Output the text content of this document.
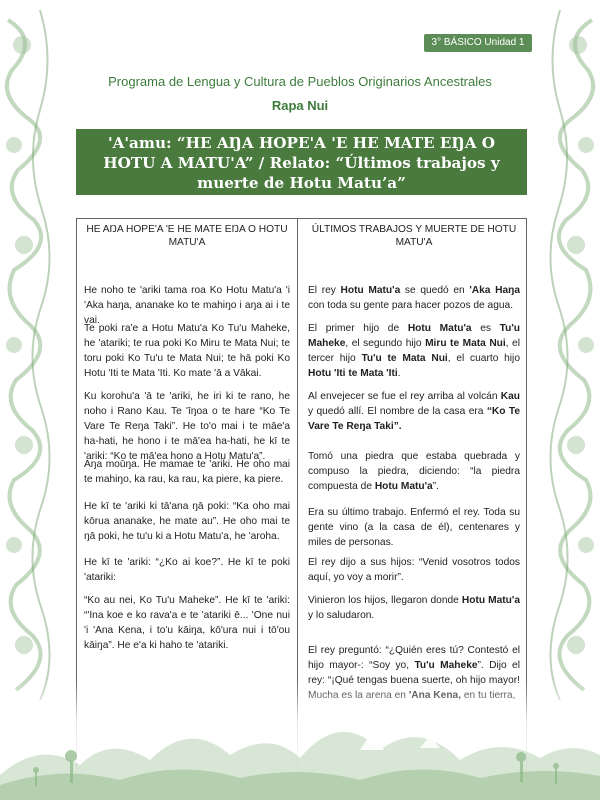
3° BÁSICO Unidad 1
Programa de Lengua y Cultura de Pueblos Originarios Ancestrales
Rapa Nui
'A'amu: “HE AŊA HOPE'A 'E HE MATE EŊA O HOTU A MATU'A” / Relato: “Últimos trabajos y muerte de Hotu Matu’a”
HE AŊA HOPE'A 'E HE MATE EŊA O HOTU MATU'A

He noho te 'ariki tama roa Ko Hotu Matu'a 'i 'Aka haŋa, ananake ko te mahiŋo i aŋa ai i te vai.

Te poki ra'e a Hotu Matu'a Ko Tu'u Maheke, he 'atariki; te rua poki Ko Miru te Mata Nui; te toru poki Ko Tu'u te Mata Nui; te hā poki Ko Hotu 'Iti te Mata 'Iti. Ko mate 'ā a Vākai.

Ku korohu'a 'ā te 'ariki, he iri ki te rano, he noho i Rano Kau. Te 'īŋoa o te hare “Ko Te Vare Te Reŋa Taki”. He to'o mai i te māe'a ha-hati, he hono i te mā'ea ha-hati, he kī te 'ariki: “Ko te mā'ea hono a Hotu Matu'a”.

Aŋa moūŋa. He mamae te 'ariki. He oho mai te mahiŋo, ka rau, ka rau, ka piere, ka piere.

He kī te 'ariki ki tā'ana ŋā poki: “Ka oho mai kōrua ananake, he mate au”. He oho mai te ŋā poki, he tu'u ki a Hotu Matu'a, he 'aroha.

He kī te 'ariki: “¿Ko ai koe?”. He kī te poki 'atariki:

“Ko au nei, Ko Tu'u Maheke”. He kī te 'ariki: “'Ina koe e ko rava'a e te 'atariki ē... 'One nui 'i 'Ana Kena, i to'u kāiŋa, kō'ura nui i tō'ou kāiŋa”. He e'a ki haho te 'atariki.

ÚLTIMOS TRABAJOS Y MUERTE DE HOTU MATU'A

El rey Hotu Matu'a se quedó en 'Aka Haŋa con toda su gente para hacer pozos de agua.

El primer hijo de Hotu Matu'a es Tu'u Maheke, el segundo hijo Miru te Mata Nui, el tercer hijo Tu'u te Mata Nui, el cuarto hijo Hotu 'Iti te Mata 'Iti.

Al envejecer se fue el rey arriba al volcán Kau y quedó allí. El nombre de la casa era “Ko Te Vare Te Reŋa Taki”.

Tomó una piedra que estaba quebrada y compuso la piedra, diciendo: “la piedra compuesta de Hotu Matu'a”.

Era su último trabajo. Enfermó el rey. Toda su gente vino (a la casa de él), centenares y miles de personas.

El rey dijo a sus hijos: “Venid vosotros todos aquí, yo voy a morir”.

Vinieron los hijos, llegaron donde Hotu Matu'a y lo saludaron.

El rey preguntó: “¿Quién eres tú? Contestó el hijo mayor-: “Soy yo, Tu'u Maheke”. Dijo el
